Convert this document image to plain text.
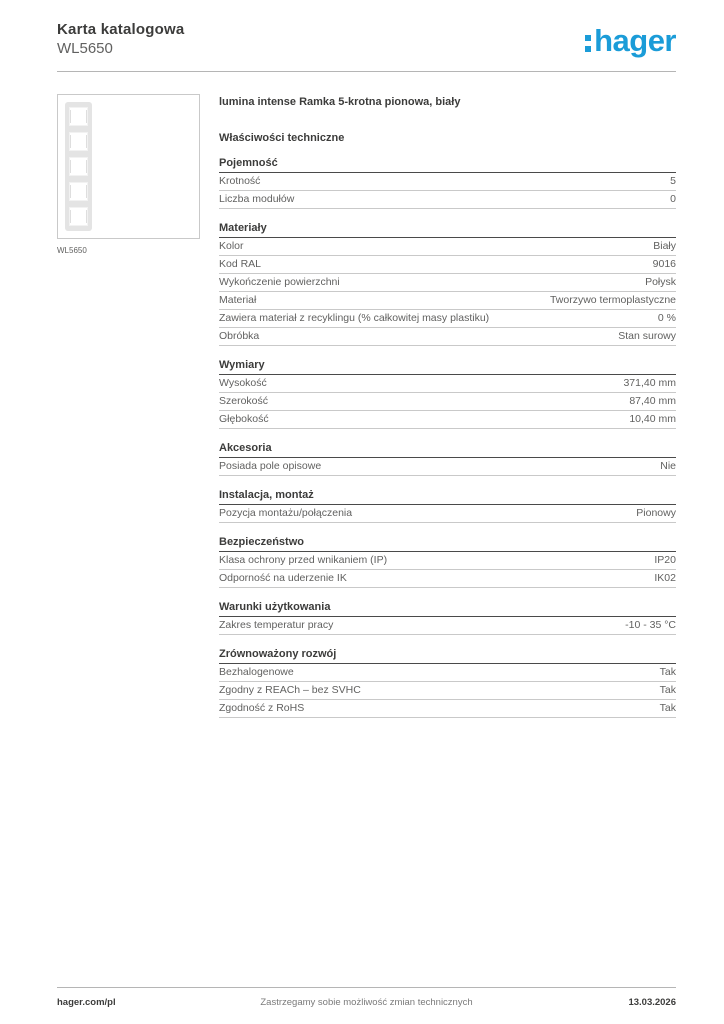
Karta katalogowa
WL5650	hager
WL5650
lumina intense Ramka 5-krotna pionowa, biały
Właściwości techniczne
Pojemność
Krotność	5
Liczba modułów	0
Materiały
Kolor	Biały
Kod RAL	9016
Wykończenie powierzchni	Połysk
Materiał	Tworzywo termoplastyczne
Zawiera materiał z recyklingu (% całkowitej masy plastiku)	0 %
Obróbka	Stan surowy
Wymiary
Wysokość	371,40 mm
Szerokość	87,40 mm
Głębokość	10,40 mm
Akcesoria
Posiada pole opisowe	Nie
Instalacja, montaż
Pozycja montażu/połączenia	Pionowy
Bezpieczeństwo
Klasa ochrony przed wnikaniem (IP)	IP20
Odporność na uderzenie IK	IK02
Warunki użytkowania
Zakres temperatur pracy	-10 - 35 °C
Zrównoważony rozwój
Bezhalogenowe	Tak
Zgodny z REACh – bez SVHC	Tak
Zgodność z RoHS	Tak
hager.com/pl	Zastrzegamy sobie możliwość zmian technicznych	13.03.2026
